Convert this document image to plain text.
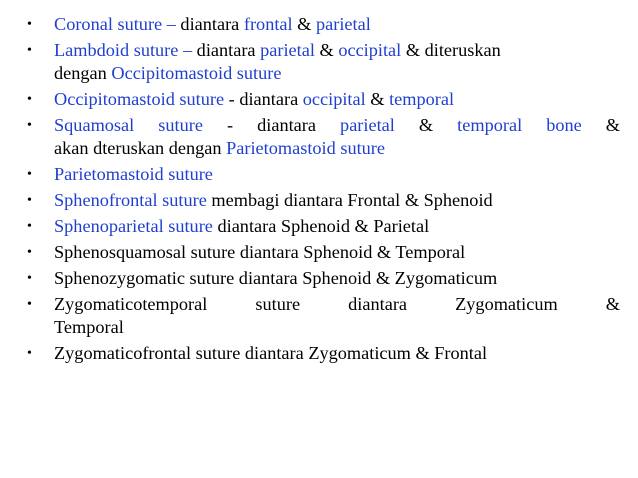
• Coronal suture – diantara frontal & parietal
• Lambdoid suture – diantara parietal & occipital & diteruskan
dengan Occipitomastoid suture
• Occipitomastoid suture - diantara occipital & temporal
• Squamosal suture - diantara parietal & temporal bone &
akan dteruskan dengan Parietomastoid suture
• Parietomastoid suture
• Sphenofrontal suture membagi diantara Frontal & Sphenoid
• Sphenoparietal suture diantara Sphenoid & Parietal
• Sphenosquamosal suture diantara Sphenoid & Temporal
• Sphenozygomatic suture diantara Sphenoid & Zygomaticum
• Zygomaticotemporal suture diantara Zygomaticum &
Temporal
• Zygomaticofrontal suture diantara Zygomaticum & Frontal
